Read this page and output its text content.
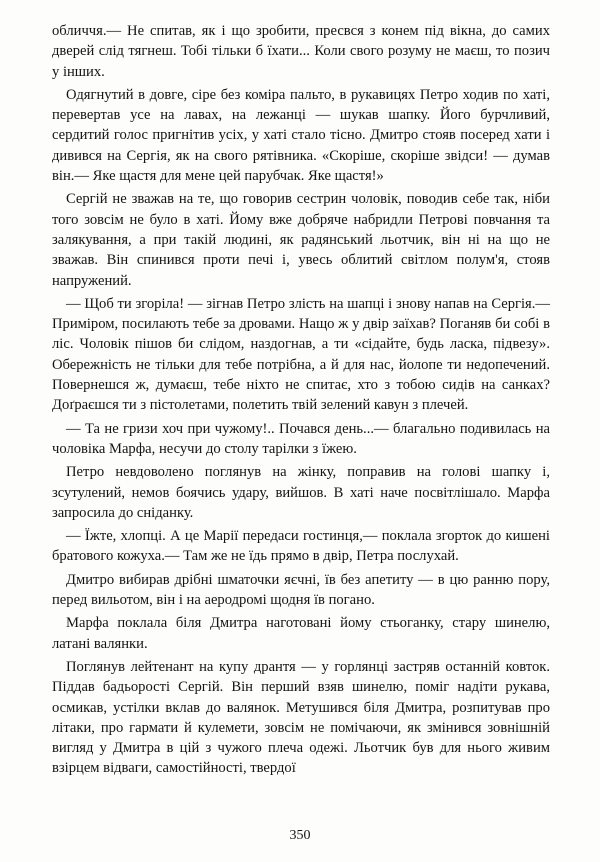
обличчя.— Не спитав, як і що зробити, пресвся з конем під вікна, до самих дверей слід тягнеш. Тобі тільки б їхати... Коли свого розуму не маєш, то позич у інших.

Одягнутий в довге, сіре без коміра пальто, в рукавицях Петро ходив по хаті, перевертав усе на лавах, на лежанці — шукав шапку. Його бурчливий, сердитий голос пригнітив усіх, у хаті стало тісно. Дмитро стояв посеред хати і дивився на Сергія, як на свого рятівника. «Скоріше, скоріше звідси! — думав він.— Яке щастя для мене цей парубчак. Яке щастя!»

Сергій не зважав на те, що говорив сестрин чоловік, поводив себе так, ніби того зовсім не було в хаті. Йому вже добряче набридли Петрові повчання та залякування, а при такій людині, як радянський льотчик, він ні на що не зважав. Він спинився проти печі і, увесь облитий світлом полум'я, стояв напружений.

— Щоб ти згоріла! — зігнав Петро злість на шапці і знову напав на Сергія.— Приміром, посилають тебе за дровами. Нащо ж у двір заїхав? Поганяв би собі в ліс. Чоловік пішов би слідом, наздогнав, а ти «сідайте, будь ласка, підвезу». Обережність не тільки для тебе потрібна, а й для нас, йолопе ти недопечений. Повернешся ж, думаєш, тебе ніхто не спитає, хто з тобою сидів на санках? Доґраєшся ти з пістолетами, полетить твій зелений кавун з плечей.

— Та не гризи хоч при чужому!.. Почався день...— благально подивилась на чоловіка Марфа, несучи до столу тарілки з їжею.

Петро невдоволено поглянув на жінку, поправив на голові шапку і, зсутулений, немов боячись удару, вийшов. В хаті наче посвітлішало. Марфа запросила до сніданку.

— Їжте, хлопці. А це Марії передаси гостинця,— поклала згорток до кишені братового кожуха.— Там же не їдь прямо в двір, Петра послухай.

Дмитро вибирав дрібні шматочки яєчні, їв без апетиту — в цю ранню пору, перед вильотом, він і на аеродромі щодня їв погано.

Марфа поклала біля Дмитра наготовані йому стьоганку, стару шинелю, латані валянки.

Поглянув лейтенант на купу дрантя — у горлянці застряв останній ковток. Піддав бадьорості Сергій. Він перший взяв шинелю, поміг надіти рукава, осмикав, устілки вклав до валянок. Метушився біля Дмитра, розпитував про літаки, про гармати й кулемети, зовсім не помічаючи, як змінився зовнішній вигляд у Дмитра в цій з чужого плеча одежі. Льотчик був для нього живим взірцем відваги, самостійності, твердої

350
